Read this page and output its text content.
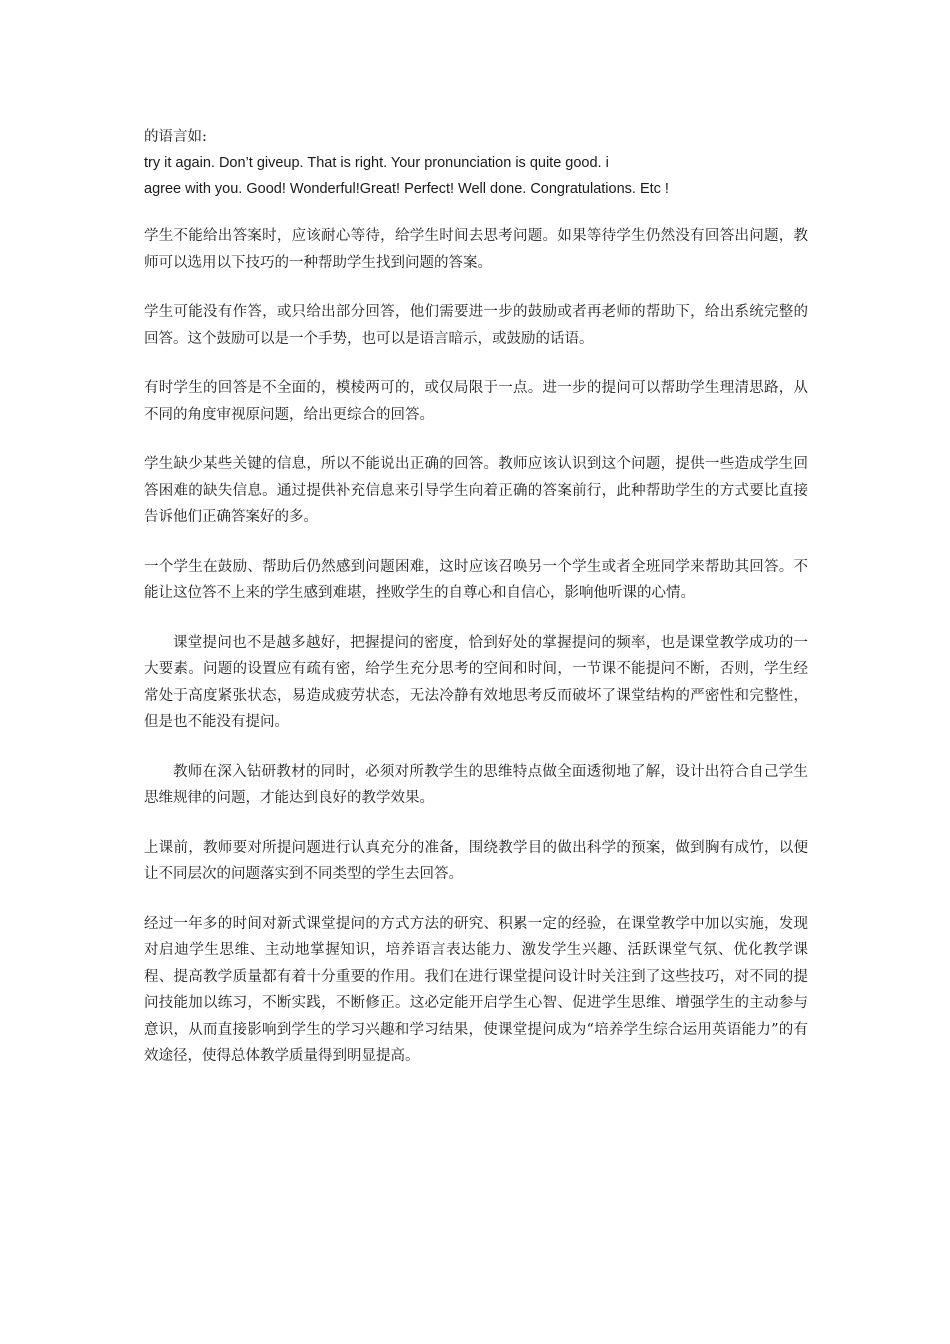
的语言如:
try it again. Don’t giveup. That is right. Your pronunciation is quite good. i
agree with you. Good! Wonderful!Great! Perfect! Well done. Congratulations. Etc !

学生不能给出答案时，应该耐心等待，给学生时间去思考问题。如果等待学生仍然没有回答出问题，教师可以选用以下技巧的一种帮助学生找到问题的答案。

学生可能没有作答，或只给出部分回答，他们需要进一步的鼓励或者再老师的帮助下，给出系统完整的回答。这个鼓励可以是一个手势，也可以是语言暗示，或鼓励的话语。

有时学生的回答是不全面的，模棱两可的，或仅局限于一点。进一步的提问可以帮助学生理清思路，从不同的角度审视原问题，给出更综合的回答。

学生缺少某些关键的信息，所以不能说出正确的回答。教师应该认识到这个问题，提供一些造成学生回答困难的缺失信息。通过提供补充信息来引导学生向着正确的答案前行，此种帮助学生的方式要比直接告诉他们正确答案好的多。

一个学生在鼓励、帮助后仍然感到问题困难，这时应该召唤另一个学生或者全班同学来帮助其回答。不能让这位答不上来的学生感到难堪，挫败学生的自尊心和自信心，影响他听课的心情。

课堂提问也不是越多越好，把握提问的密度，恰到好处的掌握提问的频率，也是课堂教学成功的一大要素。问题的设置应有疏有密，给学生充分思考的空间和时间，一节课不能提问不断，否则，学生经常处于高度紧张状态，易造成疲劳状态，无法冷静有效地思考反而破坏了课堂结构的严密性和完整性，但是也不能没有提问。

教师在深入钻研教材的同时，必须对所教学生的思维特点做全面透彻地了解，设计出符合自己学生思维规律的问题，才能达到良好的教学效果。

上课前，教师要对所提问题进行认真充分的准备，围绕教学目的做出科学的预案，做到胸有成竹，以便让不同层次的问题落实到不同类型的学生去回答。

经过一年多的时间对新式课堂提问的方式方法的研究、积累一定的经验，在课堂教学中加以实施，发现对启迪学生思维、主动地掌握知识，培养语言表达能力、激发学生兴趣、活跃课堂气氛、优化教学课程、提高教学质量都有着十分重要的作用。我们在进行课堂提问设计时关注到了这些技巧，对不同的提问技能加以练习，不断实践，不断修正。这必定能开启学生心智、促进学生思维、增强学生的主动参与意识，从而直接影响到学生的学习兴趣和学习结果，使课堂提问成为“培养学生综合运用英语能力”的有效途径，使得总体教学质量得到明显提高。
